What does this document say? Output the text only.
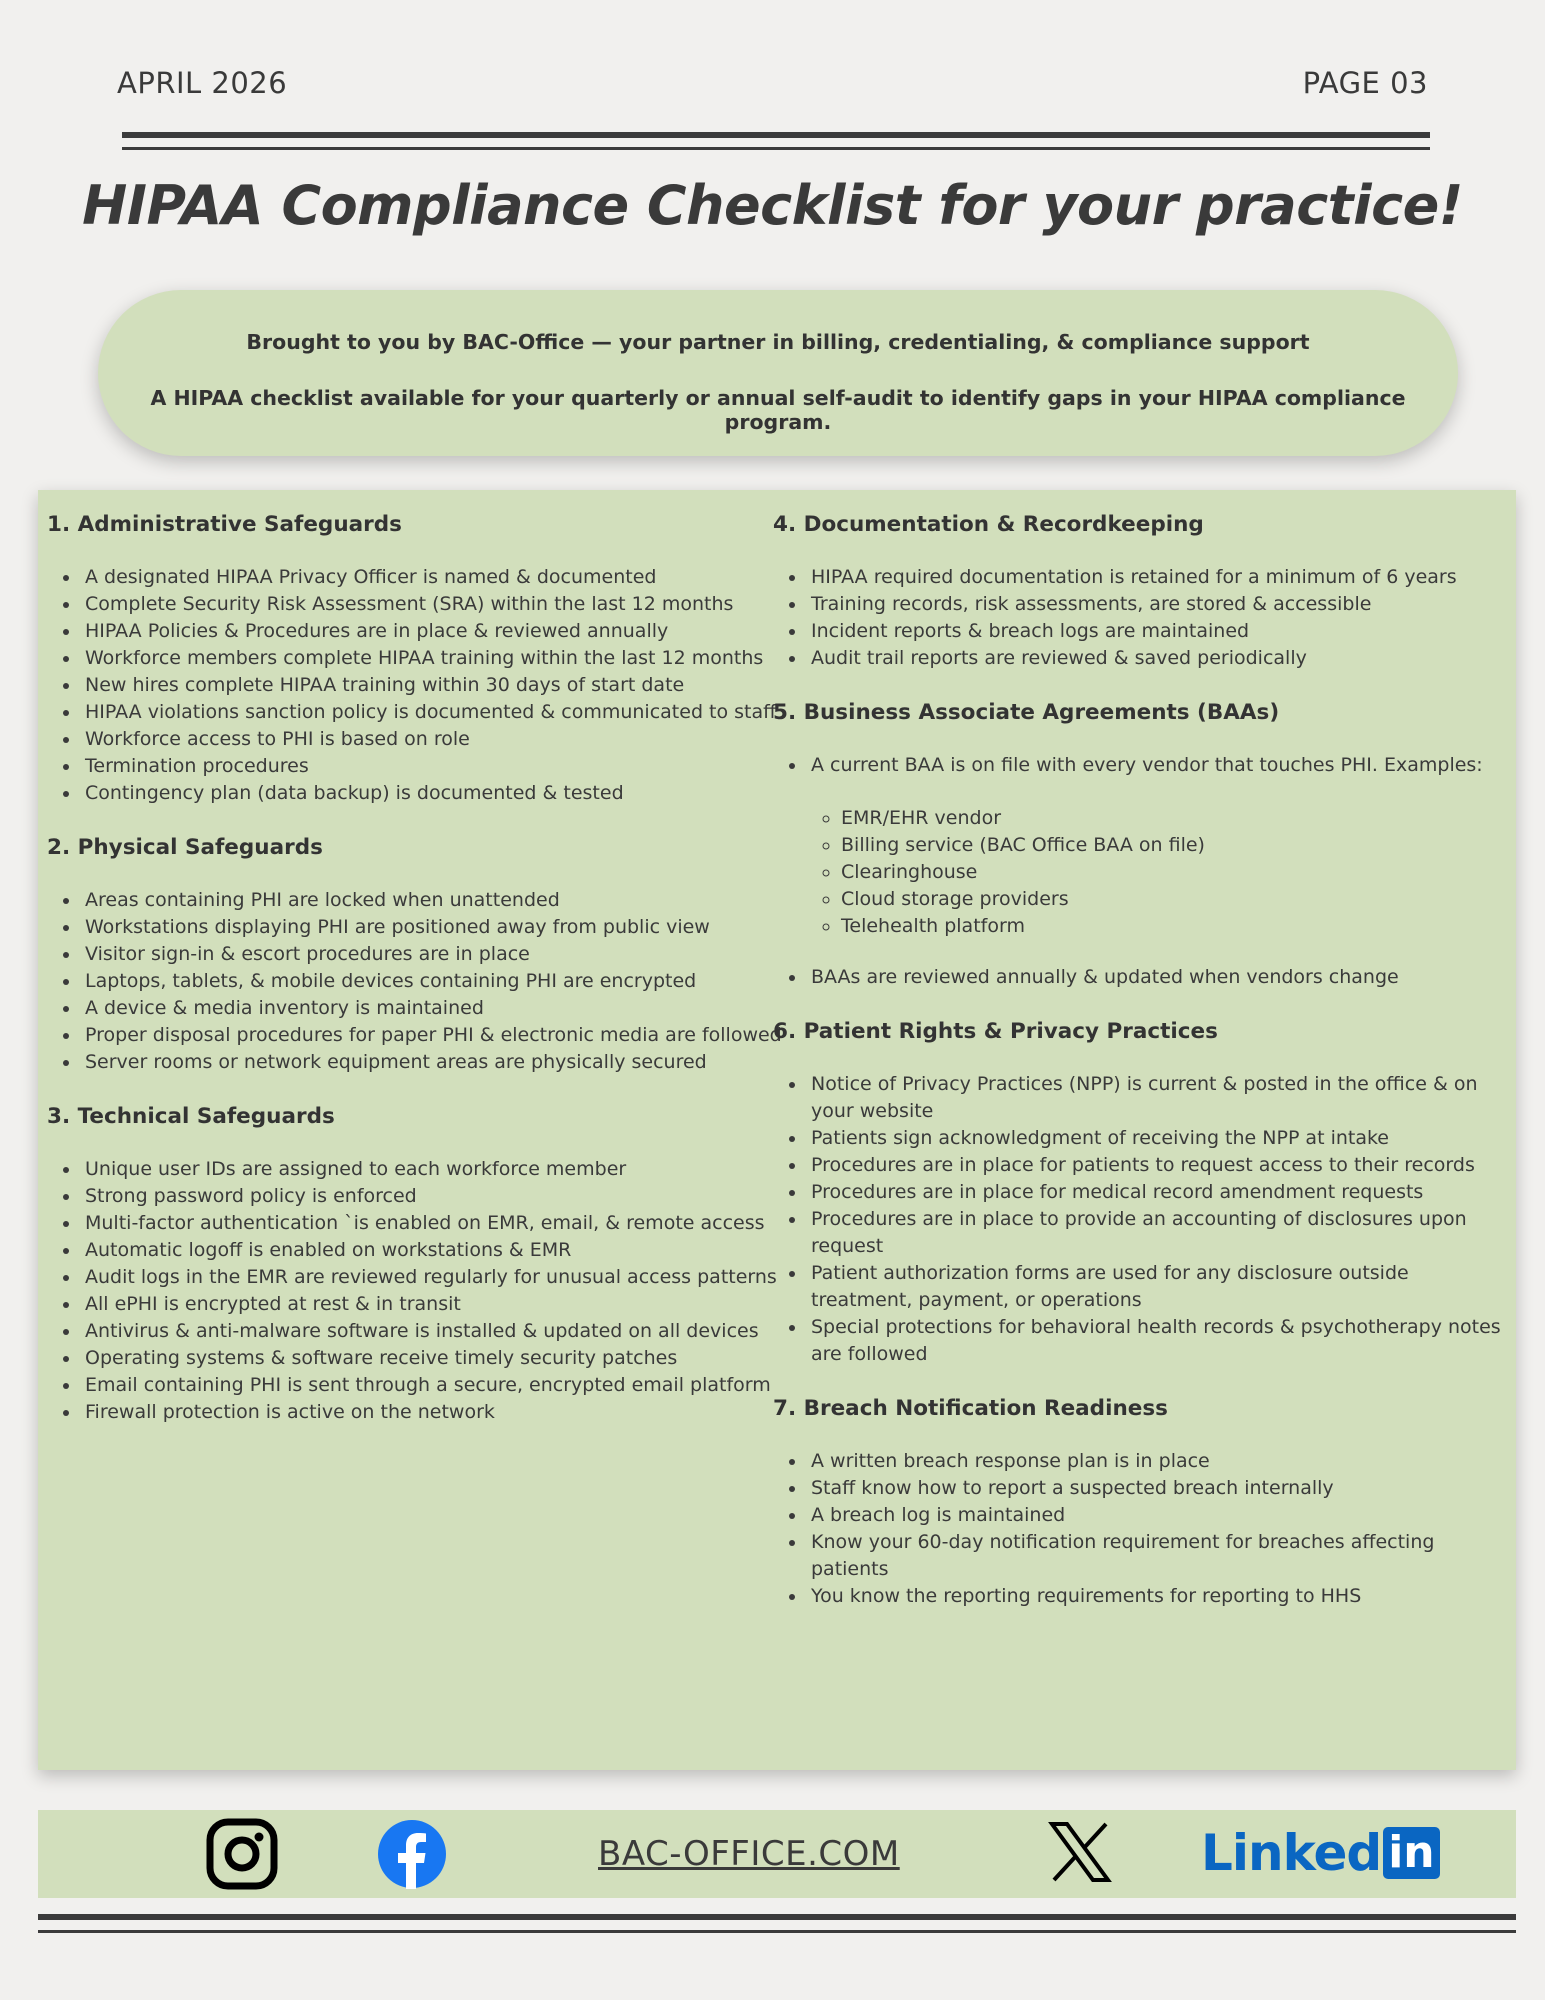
APRIL 2026	PAGE 03
HIPAA Compliance Checklist for your practice!

Brought to you by BAC-Office — your partner in billing, credentialing, & compliance support

A HIPAA checklist available for your quarterly or annual self-audit to identify gaps in your HIPAA compliance program.

1. Administrative Safeguards
• A designated HIPAA Privacy Officer is named & documented
• Complete Security Risk Assessment (SRA) within the last 12 months
• HIPAA Policies & Procedures are in place & reviewed annually
• Workforce members complete HIPAA training within the last 12 months
• New hires complete HIPAA training within 30 days of start date
• HIPAA violations sanction policy is documented & communicated to staff
• Workforce access to PHI is based on role
• Termination procedures
• Contingency plan (data backup) is documented & tested
2. Physical Safeguards
• Areas containing PHI are locked when unattended
• Workstations displaying PHI are positioned away from public view
• Visitor sign-in & escort procedures are in place
• Laptops, tablets, & mobile devices containing PHI are encrypted
• A device & media inventory is maintained
• Proper disposal procedures for paper PHI & electronic media are followed
• Server rooms or network equipment areas are physically secured
3. Technical Safeguards
• Unique user IDs are assigned to each workforce member
• Strong password policy is enforced
• Multi-factor authentication `is enabled on EMR, email, & remote access
• Automatic logoff is enabled on workstations & EMR
• Audit logs in the EMR are reviewed regularly for unusual access patterns
• All ePHI is encrypted at rest & in transit
• Antivirus & anti-malware software is installed & updated on all devices
• Operating systems & software receive timely security patches
• Email containing PHI is sent through a secure, encrypted email platform
• Firewall protection is active on the network
4. Documentation & Recordkeeping
• HIPAA required documentation is retained for a minimum of 6 years
• Training records, risk assessments, are stored & accessible
• Incident reports & breach logs are maintained
• Audit trail reports are reviewed & saved periodically
5. Business Associate Agreements (BAAs)
• A current BAA is on file with every vendor that touches PHI. Examples:
◦ EMR/EHR vendor
◦ Billing service (BAC Office BAA on file)
◦ Clearinghouse
◦ Cloud storage providers
◦ Telehealth platform
• BAAs are reviewed annually & updated when vendors change
6. Patient Rights & Privacy Practices
• Notice of Privacy Practices (NPP) is current & posted in the office & on your website
• Patients sign acknowledgment of receiving the NPP at intake
• Procedures are in place for patients to request access to their records
• Procedures are in place for medical record amendment requests
• Procedures are in place to provide an accounting of disclosures upon request
• Patient authorization forms are used for any disclosure outside treatment, payment, or operations
• Special protections for behavioral health records & psychotherapy notes are followed
7. Breach Notification Readiness
• A written breach response plan is in place
• Staff know how to report a suspected breach internally
• A breach log is maintained
• Know your 60-day notification requirement for breaches affecting patients
• You know the reporting requirements for reporting to HHS
BAC-OFFICE.COM	Linked in
